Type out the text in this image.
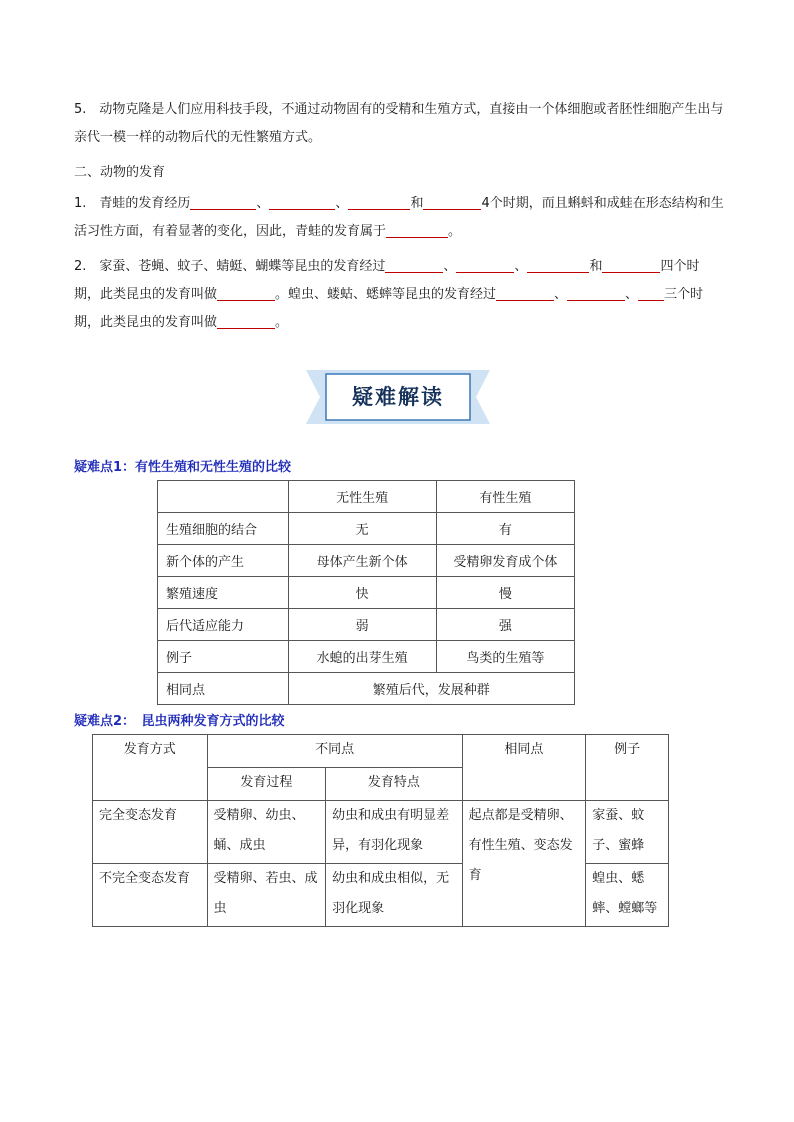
5.　动物克隆是人们应用科技手段，不通过动物固有的受精和生殖方式，直接由一个体细胞或者胚性细胞产生出与亲代一模一样的动物后代的无性繁殖方式。
二、动物的发育
1.　青蛙的发育经历	、	、	和	4个时期，而且蝌蚪和成蛙在形态结构和生活习性方面，有着显著的变化，因此，青蛙的发育属于	。
2.　家蚕、苍蝇、蚊子、蜻蜓、蝴蝶等昆虫的发育经过	、	、	和	四个时期，此类昆虫的发育叫做	。蝗虫、蝼蛄、蟋蟀等昆虫的发育经过	、	、 三个时期，此类昆虫的发育叫做	。
疑难解读
疑难点1：有性生殖和无性生殖的比较
	无性生殖	有性生殖
生殖细胞的结合	无	有
新个体的产生	母体产生新个体	受精卵发育成个体
繁殖速度	快	慢
后代适应能力	弱	强
例子	水螅的出芽生殖	鸟类的生殖等
相同点	繁殖后代，发展种群	
疑难点2：　昆虫两种发育方式的比较
发育方式	不同点		相同点	例子
	发育过程	发育特点		
完全变态发育	受精卵、幼虫、蛹、成虫	幼虫和成虫有明显差异，有羽化现象	起点都是受精卵、有性生殖、变态发育	家蚕、蚊子、蜜蜂
不完全变态发育	受精卵、若虫、成虫	幼虫和成虫相似，无羽化现象		蝗虫、蟋蟀、螳螂等
